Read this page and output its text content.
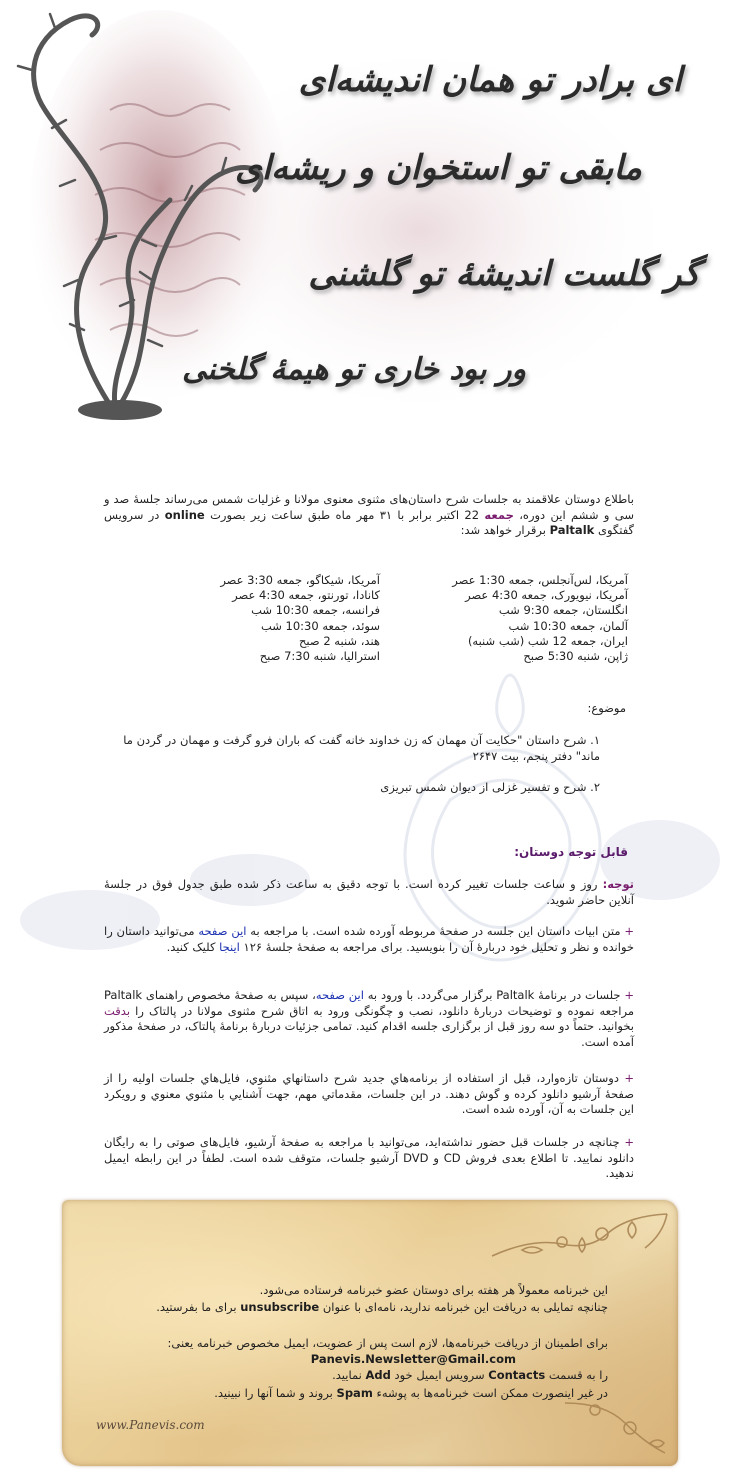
ای برادر تو همان اندیشه‌ای
مابقی تو استخوان و ریشه‌ای
گر گلست اندیشهٔ تو گلشنی
ور بود خاری تو هیمهٔ گلخنی
باطلاع دوستان علاقمند به جلسات شرح داستان‌های مثنوی معنوی مولانا و غزلیات شمس می‌رساند جلسهٔ صد و سی و ششم این دوره، جمعه 22 اکتبر برابر با ۳۱ مهر ماه طبق ساعت زیر بصورت online در سرویس گفتگوی Paltalk برقرار خواهد شد:
آمریکا، لس‌آنجلس، جمعه 1:30 عصر
آمریکا، نیویورک، جمعه 4:30 عصر
انگلستان، جمعه 9:30 شب
آلمان، جمعه 10:30 شب
ایران، جمعه 12 شب (شب شنبه)
ژاپن، شنبه 5:30 صبح
آمریکا، شیکاگو، جمعه 3:30 عصر
کانادا، تورنتو، جمعه 4:30 عصر
فرانسه، جمعه 10:30 شب
سوئد، جمعه 10:30 شب
هند، شنبه 2 صبح
استرالیا، شنبه 7:30 صبح
موضوع:
۱. شرح داستان "حکایت آن مهمان که زن خداوند خانه گفت که باران فرو گرفت و مهمان در گردن ما ماند" دفتر پنجم، بیت ۲۶۴۷
۲. شرح و تفسیر غزلی از دیوان شمس تبریزی
قابل توجه دوستان:
توجه: روز و ساعت جلسات تغییر کرده است. با توجه دقیق به ساعت ذکر شده طبق جدول فوق در جلسهٔ آنلاین حاضر شوید.
+ متن ابیات داستان این جلسه در صفحهٔ مربوطه آورده شده است. با مراجعه به این صفحه می‌توانید داستان را خوانده و نظر و تحلیل خود دربارهٔ آن را بنویسید. برای مراجعه به صفحهٔ جلسهٔ ۱۲۶ اینجا کلیک کنید.
+ جلسات در برنامهٔ Paltalk برگزار می‌گردد. با ورود به این صفحه، سپس به صفحهٔ مخصوص راهنمای Paltalk مراجعه نموده و توضیحات دربارهٔ دانلود، نصب و چگونگی ورود به اتاق شرح مثنوی مولانا در پالتاک را بدقت بخوانید. حتماً دو سه روز قبل از برگزاری جلسه اقدام کنید. تمامی جزئیات دربارهٔ برنامهٔ پالتاک، در صفحهٔ مذکور آمده است.
+ دوستان تازه‌وارد، قبل از استفاده از برنامه‌هاي جديد شرح داستانهاي مثنوي، فايل‌هاي جلسات اوليه را از صفحهٔ آرشيو دانلود کرده و گوش دهند. در اين جلسات، مقدماتي مهم، جهت آشنايي با مثنوي معنوي و رويکرد اين جلسات به آن، آورده شده است.
+ چنانچه در جلسات قبل حضور نداشته‌اید، می‌توانید با مراجعه به صفحهٔ آرشیو، فایل‌های صوتی را به رایگان دانلود نمایید. تا اطلاع بعدی فروش CD و DVD آرشیو جلسات، متوقف شده است. لطفاً در این رابطه ایمیل ندهید.
این خبرنامه معمولاً هر هفته برای دوستان عضو خبرنامه فرستاده می‌شود.
چنانچه تمایلی به دریافت این خبرنامه ندارید، نامه‌ای با عنوان unsubscribe برای ما بفرستید.
برای اطمینان از دریافت خبرنامه‌ها، لازم است پس از عضویت، ایمیل مخصوص خبرنامه یعنی:
Panevis.Newsletter@Gmail.com
را به قسمت Contacts سرویس ایمیل خود Add نمایید.
در غیر اینصورت ممکن است خبرنامه‌ها به پوشهء Spam بروند و شما آنها را نبینید.
www.Panevis.com
